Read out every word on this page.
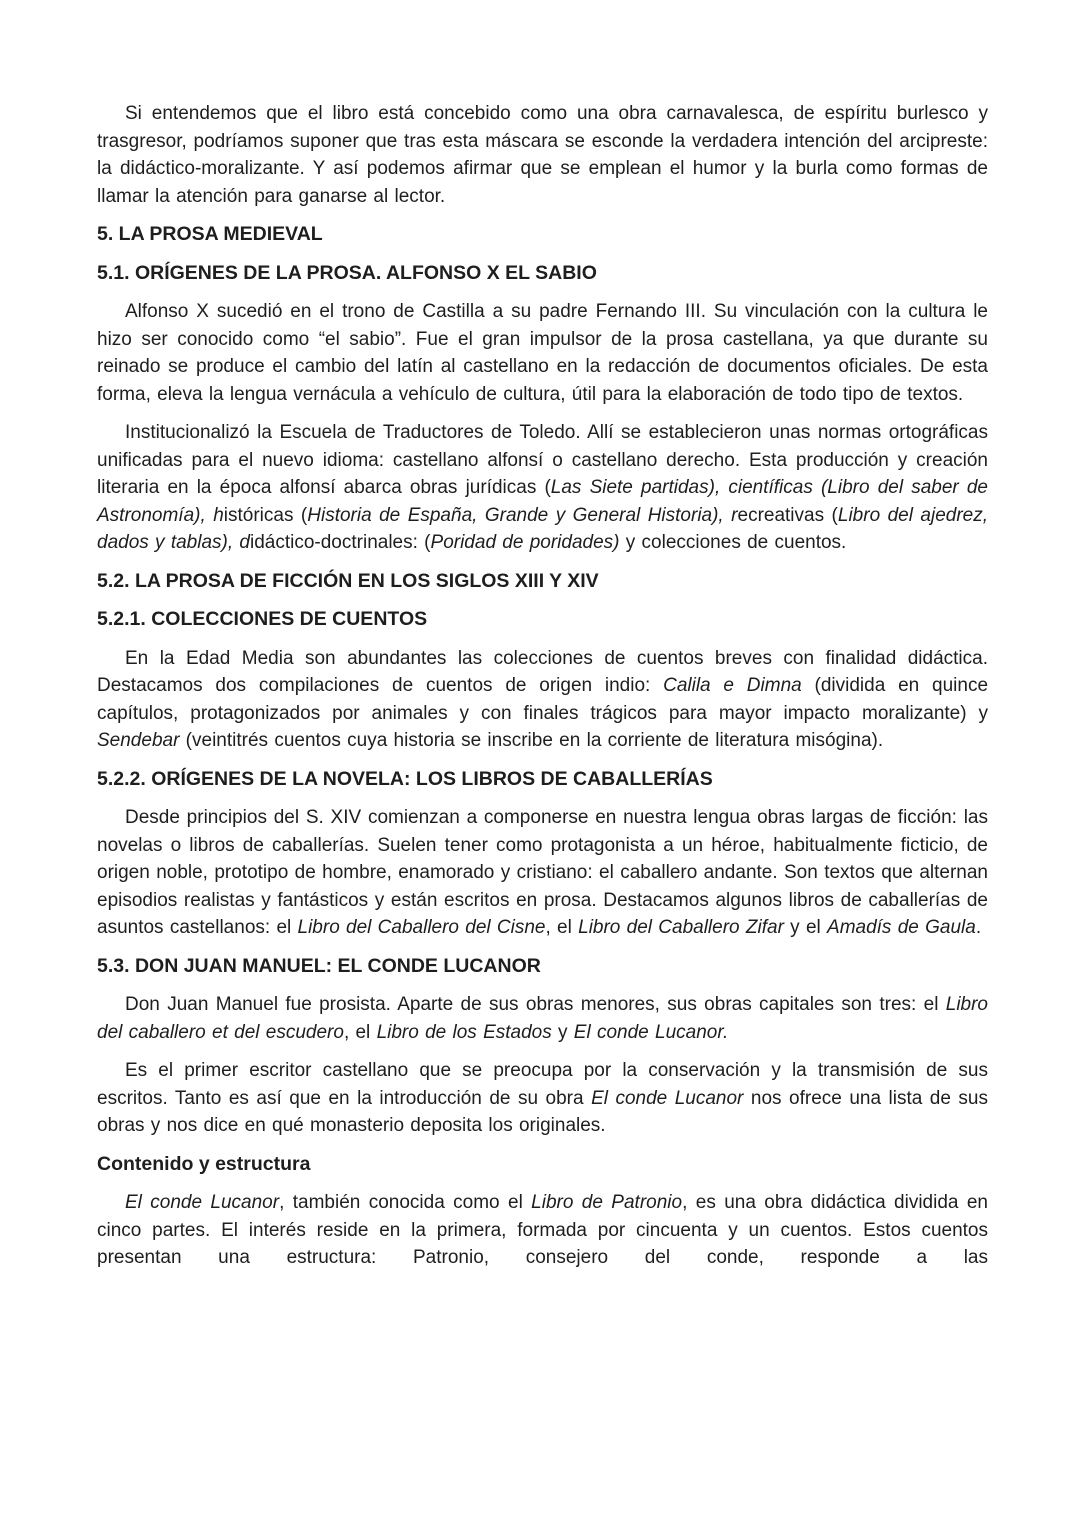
Si entendemos que el libro está concebido como una obra carnavalesca, de espíritu burlesco y trasgresor, podríamos suponer que tras esta máscara se esconde la verdadera intención del arcipreste: la didáctico-moralizante. Y así podemos afirmar que se emplean el humor y la burla como formas de llamar la atención para ganarse al lector.

5. LA PROSA MEDIEVAL
5.1. ORÍGENES DE LA PROSA. ALFONSO X EL SABIO

Alfonso X sucedió en el trono de Castilla a su padre Fernando III. Su vinculación con la cultura le hizo ser conocido como “el sabio”. Fue el gran impulsor de la prosa castellana, ya que durante su reinado se produce el cambio del latín al castellano en la redacción de documentos oficiales. De esta forma, eleva la lengua vernácula a vehículo de cultura, útil para la elaboración de todo tipo de textos.

Institucionalizó la Escuela de Traductores de Toledo. Allí se establecieron unas normas ortográficas unificadas para el nuevo idioma: castellano alfonsí o castellano derecho. Esta producción y creación literaria en la época alfonsí abarca obras jurídicas (Las Siete partidas), científicas (Libro del saber de Astronomía), históricas (Historia de España, Grande y General Historia), recreativas (Libro del ajedrez, dados y tablas), didáctico-doctrinales: (Poridad de poridades) y colecciones de cuentos.

5.2. LA PROSA DE FICCIÓN EN LOS SIGLOS XIII Y XIV
5.2.1. COLECCIONES DE CUENTOS

En la Edad Media son abundantes las colecciones de cuentos breves con finalidad didáctica. Destacamos dos compilaciones de cuentos de origen indio: Calila e Dimna (dividida en quince capítulos, protagonizados por animales y con finales trágicos para mayor impacto moralizante) y Sendebar (veintitrés cuentos cuya historia se inscribe en la corriente de literatura misógina).

5.2.2. ORÍGENES DE LA NOVELA: LOS LIBROS DE CABALLERÍAS

Desde principios del S. XIV comienzan a componerse en nuestra lengua obras largas de ficción: las novelas o libros de caballerías. Suelen tener como protagonista a un héroe, habitualmente ficticio, de origen noble, prototipo de hombre, enamorado y cristiano: el caballero andante. Son textos que alternan episodios realistas y fantásticos y están escritos en prosa. Destacamos algunos libros de caballerías de asuntos castellanos: el Libro del Caballero del Cisne, el Libro del Caballero Zifar y el Amadís de Gaula.

5.3. DON JUAN MANUEL: EL CONDE LUCANOR

Don Juan Manuel fue prosista. Aparte de sus obras menores, sus obras capitales son tres: el Libro del caballero et del escudero, el Libro de los Estados y El conde Lucanor.

Es el primer escritor castellano que se preocupa por la conservación y la transmisión de sus escritos. Tanto es así que en la introducción de su obra El conde Lucanor nos ofrece una lista de sus obras y nos dice en qué monasterio deposita los originales.

Contenido y estructura

El conde Lucanor, también conocida como el Libro de Patronio, es una obra didáctica dividida en cinco partes. El interés reside en la primera, formada por cincuenta y un cuentos. Estos cuentos presentan una estructura: Patronio, consejero del conde, responde a las
